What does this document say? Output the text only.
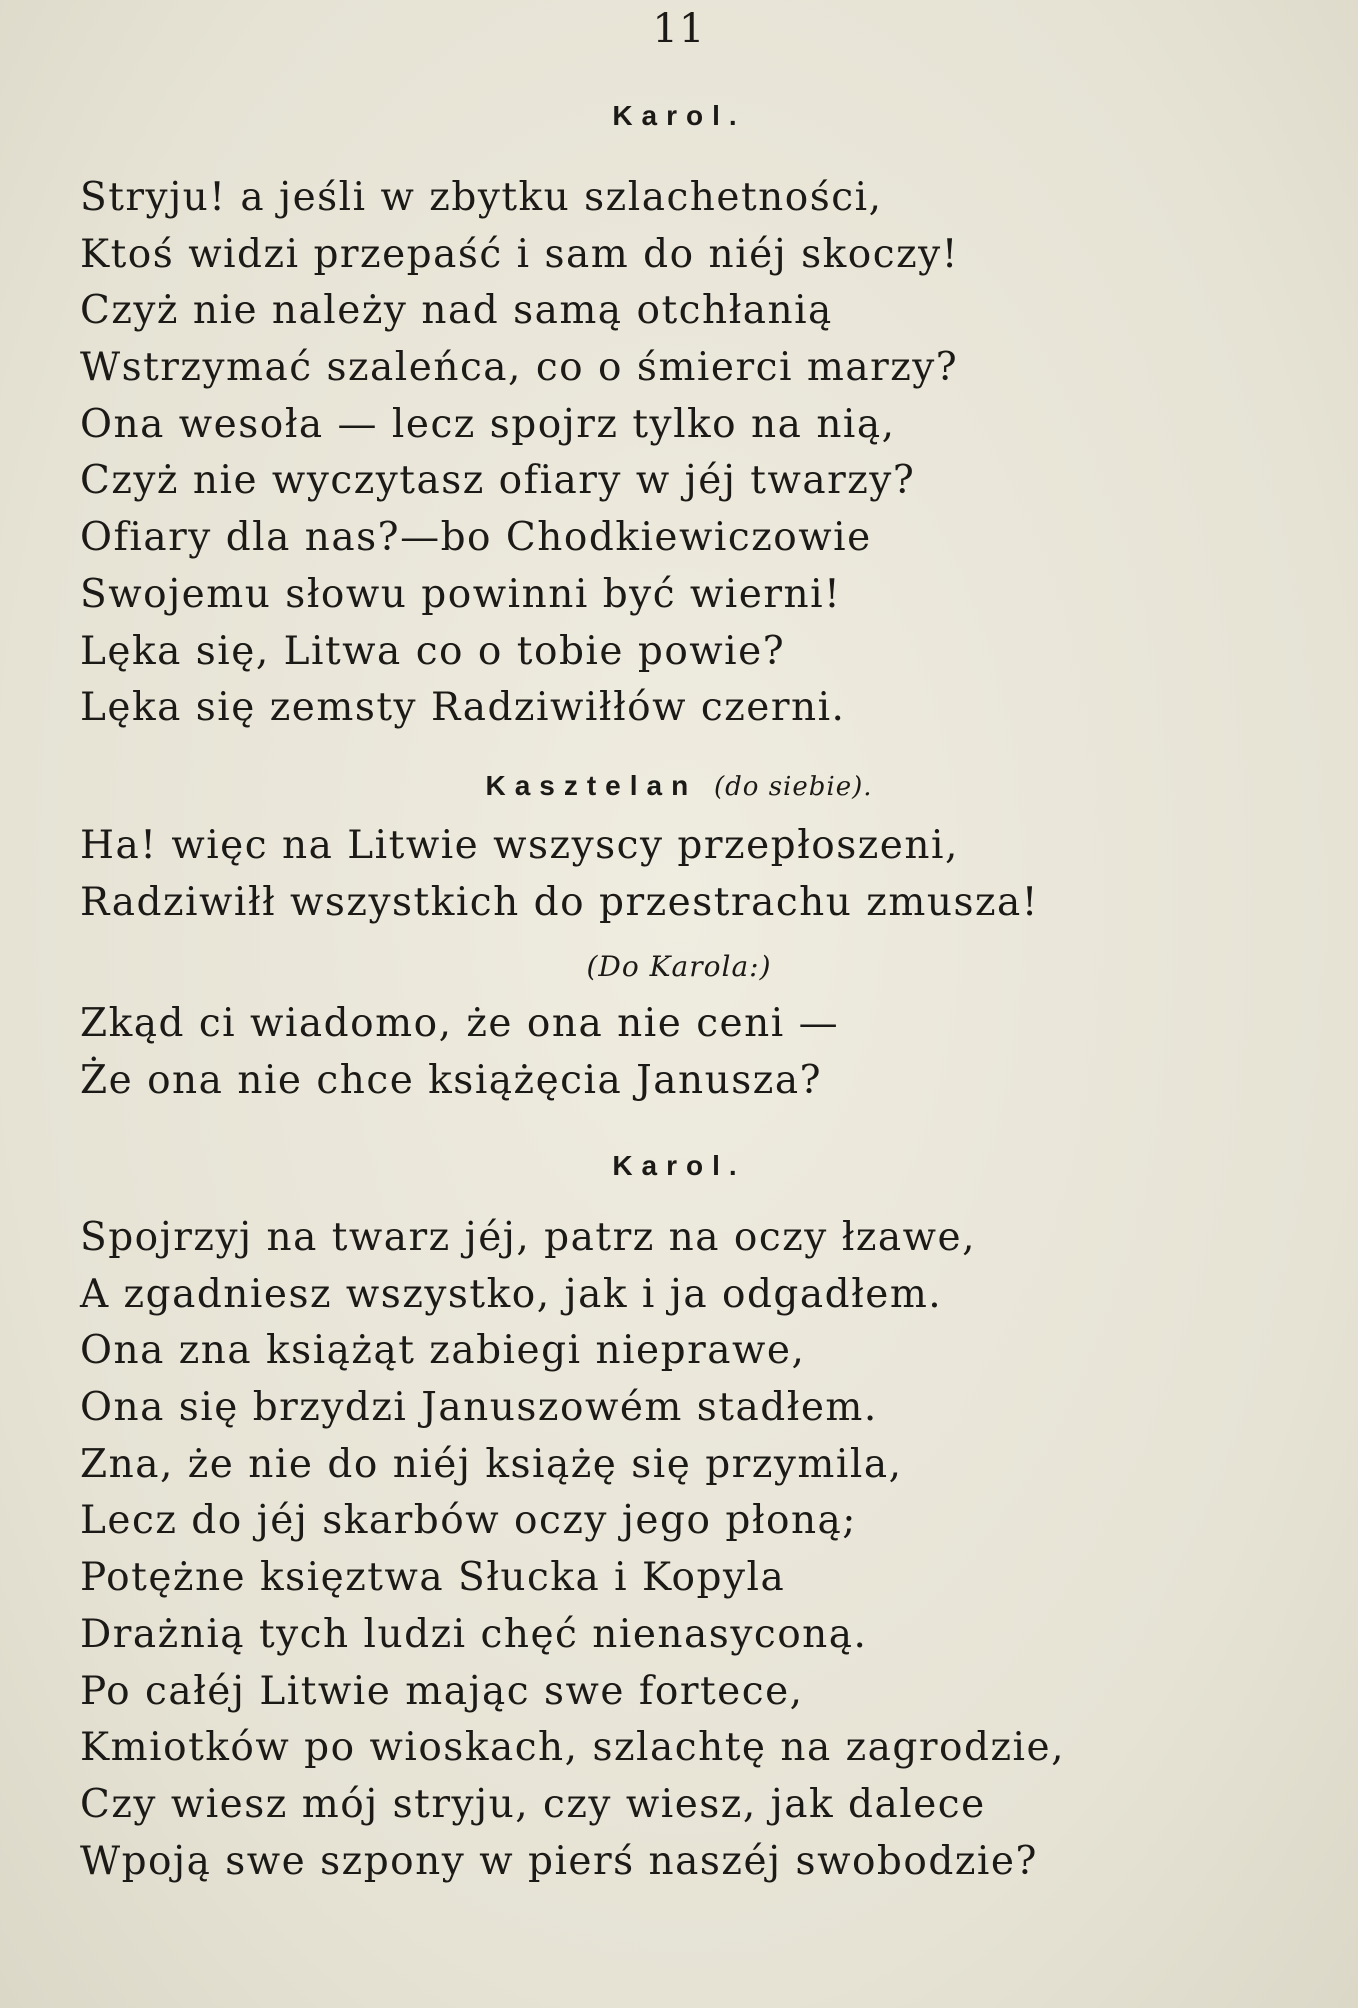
11
Karol.
Stryju! a jeśli w zbytku szlachetności,
Ktoś widzi przepaść i sam do niéj skoczy!
Czyż nie należy nad samą otchłanią
Wstrzymać szaleńca, co o śmierci marzy?
Ona wesoła — lecz spojrz tylko na nią,
Czyż nie wyczytasz ofiary w jéj twarzy?
Ofiary dla nas?—bo Chodkiewiczowie
Swojemu słowu powinni być wierni!
Lęka się, Litwa co o tobie powie?
Lęka się zemsty Radziwiłłów czerni.
Kasztelan (do siebie).
Ha! więc na Litwie wszyscy przepłoszeni,
Radziwiłł wszystkich do przestrachu zmusza!
(Do Karola:)
Zkąd ci wiadomo, że ona nie ceni —
Że ona nie chce książęcia Janusza?
Karol.
Spojrzyj na twarz jéj, patrz na oczy łzawe,
A zgadniesz wszystko, jak i ja odgadłem.
Ona zna książąt zabiegi nieprawe,
Ona się brzydzi Januszowém stadłem.
Zna, że nie do niéj książę się przymila,
Lecz do jéj skarbów oczy jego płoną;
Potężne księztwa Słucka i Kopyla
Drażnią tych ludzi chęć nienasyconą.
Po całéj Litwie mając swe fortece,
Kmiotków po wioskach, szlachtę na zagrodzie,
Czy wiesz mój stryju, czy wiesz, jak dalece
Wpoją swe szpony w pierś naszéj swobodzie?
